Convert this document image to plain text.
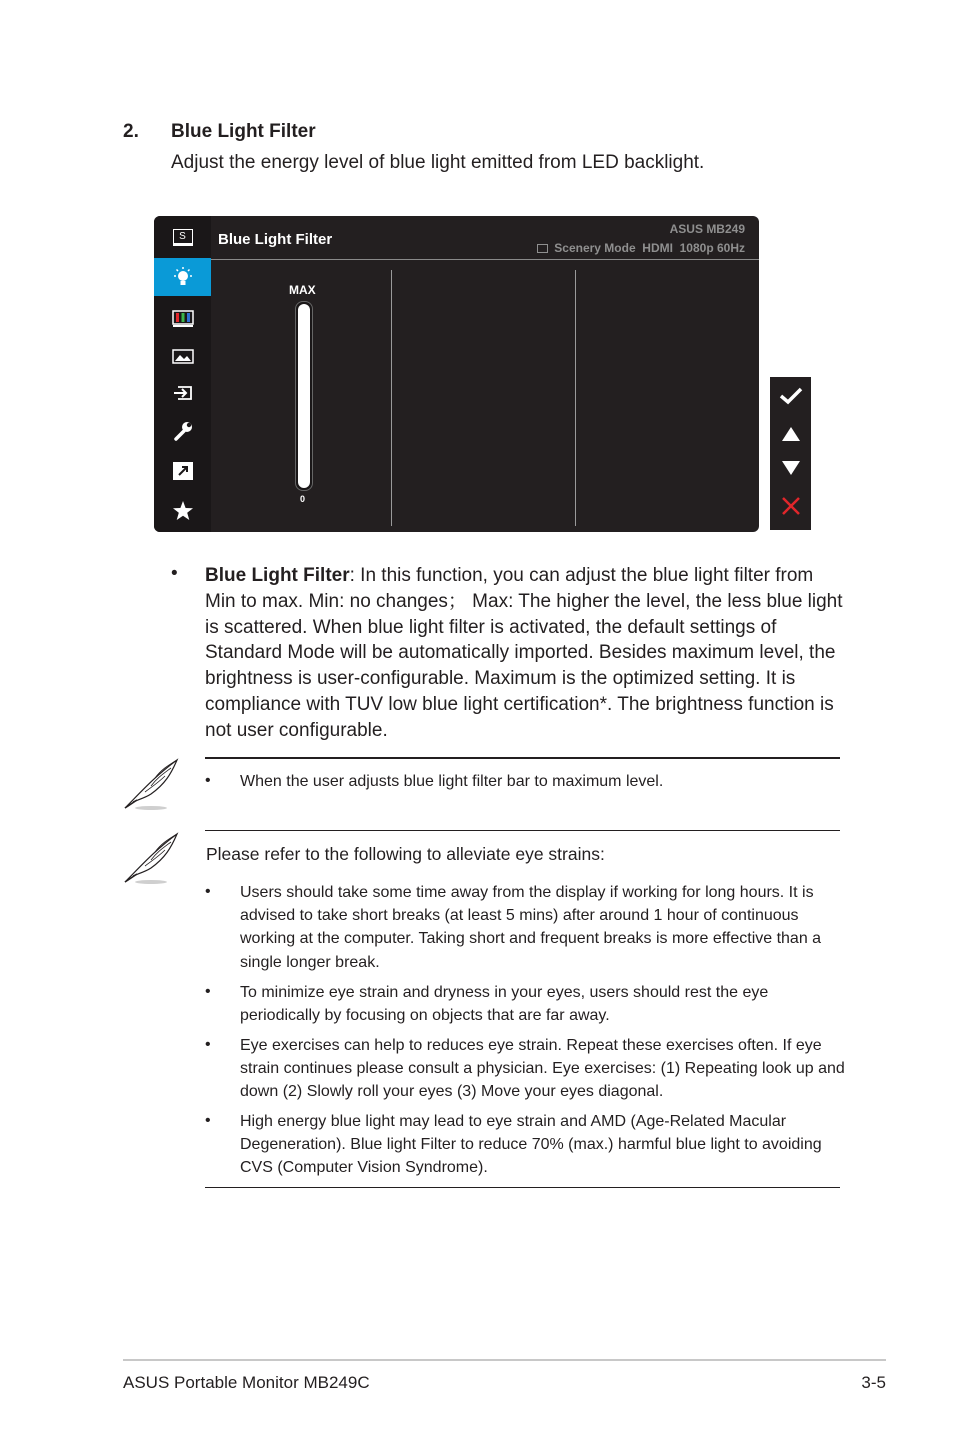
2. Blue Light Filter
Adjust the energy level of blue light emitted from LED backlight.
S	Blue Light Filter
ASUS MB249
Scenery Mode  HDMI  1080p 60Hz
MAX
0
• Blue Light Filter: In this function, you can adjust the blue light filter from Min to max. Min: no changes； Max: The higher the level, the less blue light is scattered. When blue light filter is activated, the default settings of Standard Mode will be automatically imported. Besides maximum level, the brightness is user-configurable. Maximum is the optimized setting. It is compliance with TUV low blue light certification*. The brightness function is not user configurable.
• When the user adjusts blue light filter bar to maximum level.
Please refer to the following to alleviate eye strains:
• Users should take some time away from the display if working for long hours. It is advised to take short breaks (at least 5 mins) after around 1 hour of continuous working at the computer. Taking short and frequent breaks is more effective than a single longer break.
• To minimize eye strain and dryness in your eyes, users should rest the eye periodically by focusing on objects that are far away.
• Eye exercises can help to reduces eye strain. Repeat these exercises often. If eye strain continues please consult a physician. Eye exercises: (1) Repeating look up and down (2) Slowly roll your eyes (3) Move your eyes diagonal.
• High energy blue light may lead to eye strain and AMD (Age-Related Macular Degeneration). Blue light Filter to reduce 70% (max.) harmful blue light to avoiding CVS (Computer Vision Syndrome).
ASUS Portable Monitor MB249C	3-5
